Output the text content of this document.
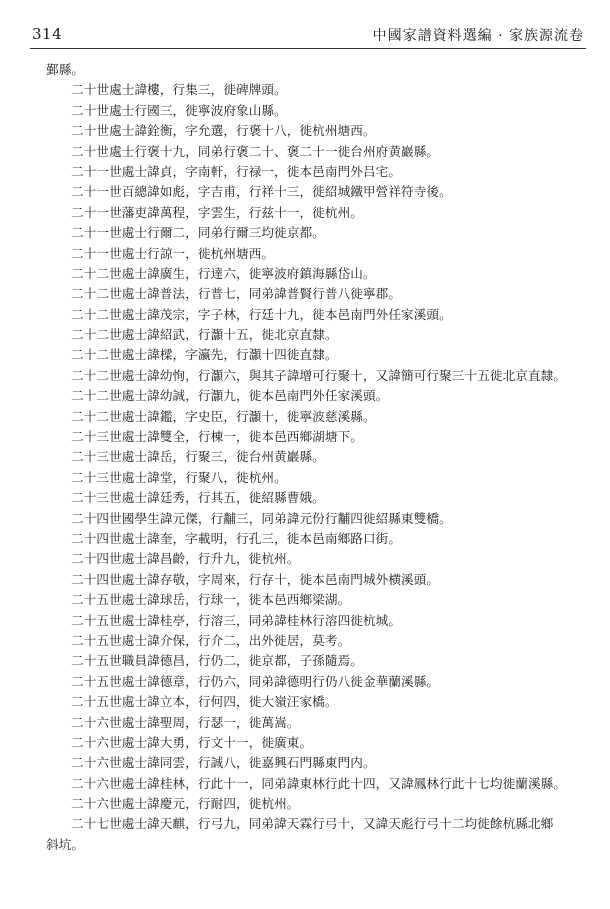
314	中國家譜資料選編 · 家族源流卷
鄞縣。
二十世處士諱樓，行集三，徙碑牌頭。
二十世處士行國三，徙寧波府象山縣。
二十世處士諱銓衡，字允選，行褒十八，徙杭州塘西。
二十世處士行褒十九，同弟行褒二十、褒二十一徙台州府黄巖縣。
二十一世處士諱貞，字南軒，行禄一，徙本邑南門外吕宅。
二十一世百總諱如彪，字吉甫，行祥十三，徙紹城鐵甲營祥符寺後。
二十一世藩吏諱萬程，字雲生，行兹十一，徙杭州。
二十一世處士行爾二，同弟行爾三均徙京都。
二十一世處士行諒一，徙杭州塘西。
二十二世處士諱廣生，行達六，徙寧波府鎮海縣岱山。
二十二世處士諱普法，行普七，同弟諱普賢行普八徙寧郡。
二十二世處士諱茂宗，字子林，行廷十九，徙本邑南門外任家溪頭。
二十二世處士諱紹武，行灝十五，徙北京直隸。
二十二世處士諱樑，字瀛先，行灝十四徙直隸。
二十二世處士諱幼恂，行灝六，與其子諱增可行聚十，又諱簡可行聚三十五徙北京直隸。
二十二世處士諱幼誠，行灝九，徙本邑南門外任家溪頭。
二十二世處士諱鑑，字史臣，行灝十，徙寧波慈溪縣。
二十三世處士諱雙全，行棟一，徙本邑西鄉湖塘下。
二十三世處士諱岳，行聚三，徙台州黄巖縣。
二十三世處士諱堂，行聚八，徙杭州。
二十三世處士諱廷秀，行其五，徙紹縣曹娥。
二十四世國學生諱元傑，行黼三，同弟諱元份行黼四徙紹縣東雙橋。
二十四世處士諱奎，字載明，行孔三，徙本邑南鄉路口街。
二十四世處士諱昌齡，行升九，徙杭州。
二十四世處士諱存敬，字周來，行存十，徙本邑南門城外横溪頭。
二十五世處士諱球岳，行球一，徙本邑西鄉梁湖。
二十五世處士諱桂亭，行溶三，同弟諱桂林行溶四徙杭城。
二十五世處士諱介保，行介二，出外徙居，莫考。
二十五世職員諱德昌，行仍二，徙京都，子孫隨焉。
二十五世處士諱德章，行仍六，同弟諱德明行仍八徙金華蘭溪縣。
二十五世處士諱立本，行何四，徙大嶺汪家橋。
二十六世處士諱聖周，行瑟一，徙萬嵩。
二十六世處士諱大勇，行文十一，徙廣東。
二十六世處士諱同雲，行誠八，徙嘉興石門縣東門内。
二十六世處士諱桂林，行此十一，同弟諱東林行此十四，又諱鳳林行此十七均徙蘭溪縣。
二十六世處士諱慶元，行耐四，徙杭州。
二十七世處士諱天麒，行弓九，同弟諱天霖行弓十，又諱天彪行弓十二均徙餘杭縣北鄉
斜坑。
